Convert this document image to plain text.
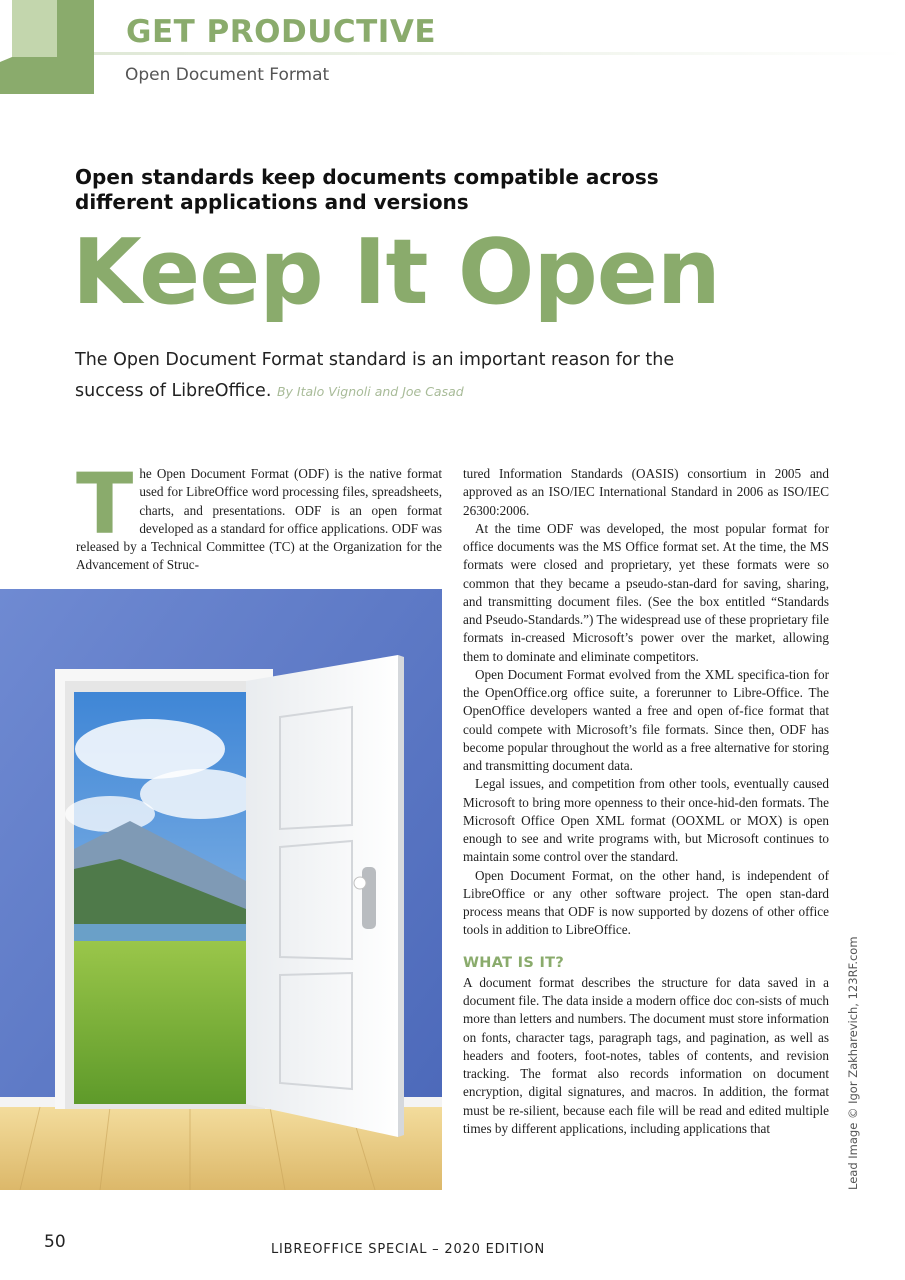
GET PRODUCTIVE
Open Document Format
Open standards keep documents compatible across different applications and versions
Keep It Open
The Open Document Format standard is an important reason for the success of LibreOffice. By Italo Vignoli and Joe Casad
T he Open Document Format (ODF) is the native format used for LibreOffice word processing files, spreadsheets, charts, and presentations. ODF is an open format developed as a standard for office applications. ODF was released by a Technical Committee (TC) at the Organization for the Advancement of Struc-

tured Information Standards (OASIS) consortium in 2005 and approved as an ISO/IEC International Standard in 2006 as ISO/IEC 26300:2006.

At the time ODF was developed, the most popular format for office documents was the MS Office format set. At the time, the MS formats were closed and proprietary, yet these formats were so common that they became a pseudo-stan-dard for saving, sharing, and transmitting document files. (See the box entitled “Standards and Pseudo-Standards.”) The widespread use of these proprietary file formats in-creased Microsoft’s power over the market, allowing them to dominate and eliminate competitors.

Open Document Format evolved from the XML specifica-tion for the OpenOffice.org office suite, a forerunner to Libre-Office. The OpenOffice developers wanted a free and open of-fice format that could compete with Microsoft’s file formats. Since then, ODF has become popular throughout the world as a free alternative for storing and transmitting document data.

Legal issues, and competition from other tools, eventually caused Microsoft to bring more openness to their once-hid-den formats. The Microsoft Office Open XML format (OOXML or MOX) is open enough to see and write programs with, but Microsoft continues to maintain some control over the standard.

Open Document Format, on the other hand, is independent of LibreOffice or any other software project. The open stan-dard process means that ODF is now supported by dozens of other office tools in addition to LibreOffice.

WHAT IS IT?

A document format describes the structure for data saved in a document file. The data inside a modern office doc con-sists of much more than letters and numbers. The document must store information on fonts, character tags, paragraph tags, and pagination, as well as headers and footers, foot-notes, tables of contents, and revision tracking. The format also records information on document encryption, digital signatures, and macros. In addition, the format must be re-silient, because each file will be read and edited multiple times by different applications, including applications that	Lead Image © Igor Zakharevich, 123RF.com
50	LIBREOFFICE SPECIAL – 2020 EDITION
